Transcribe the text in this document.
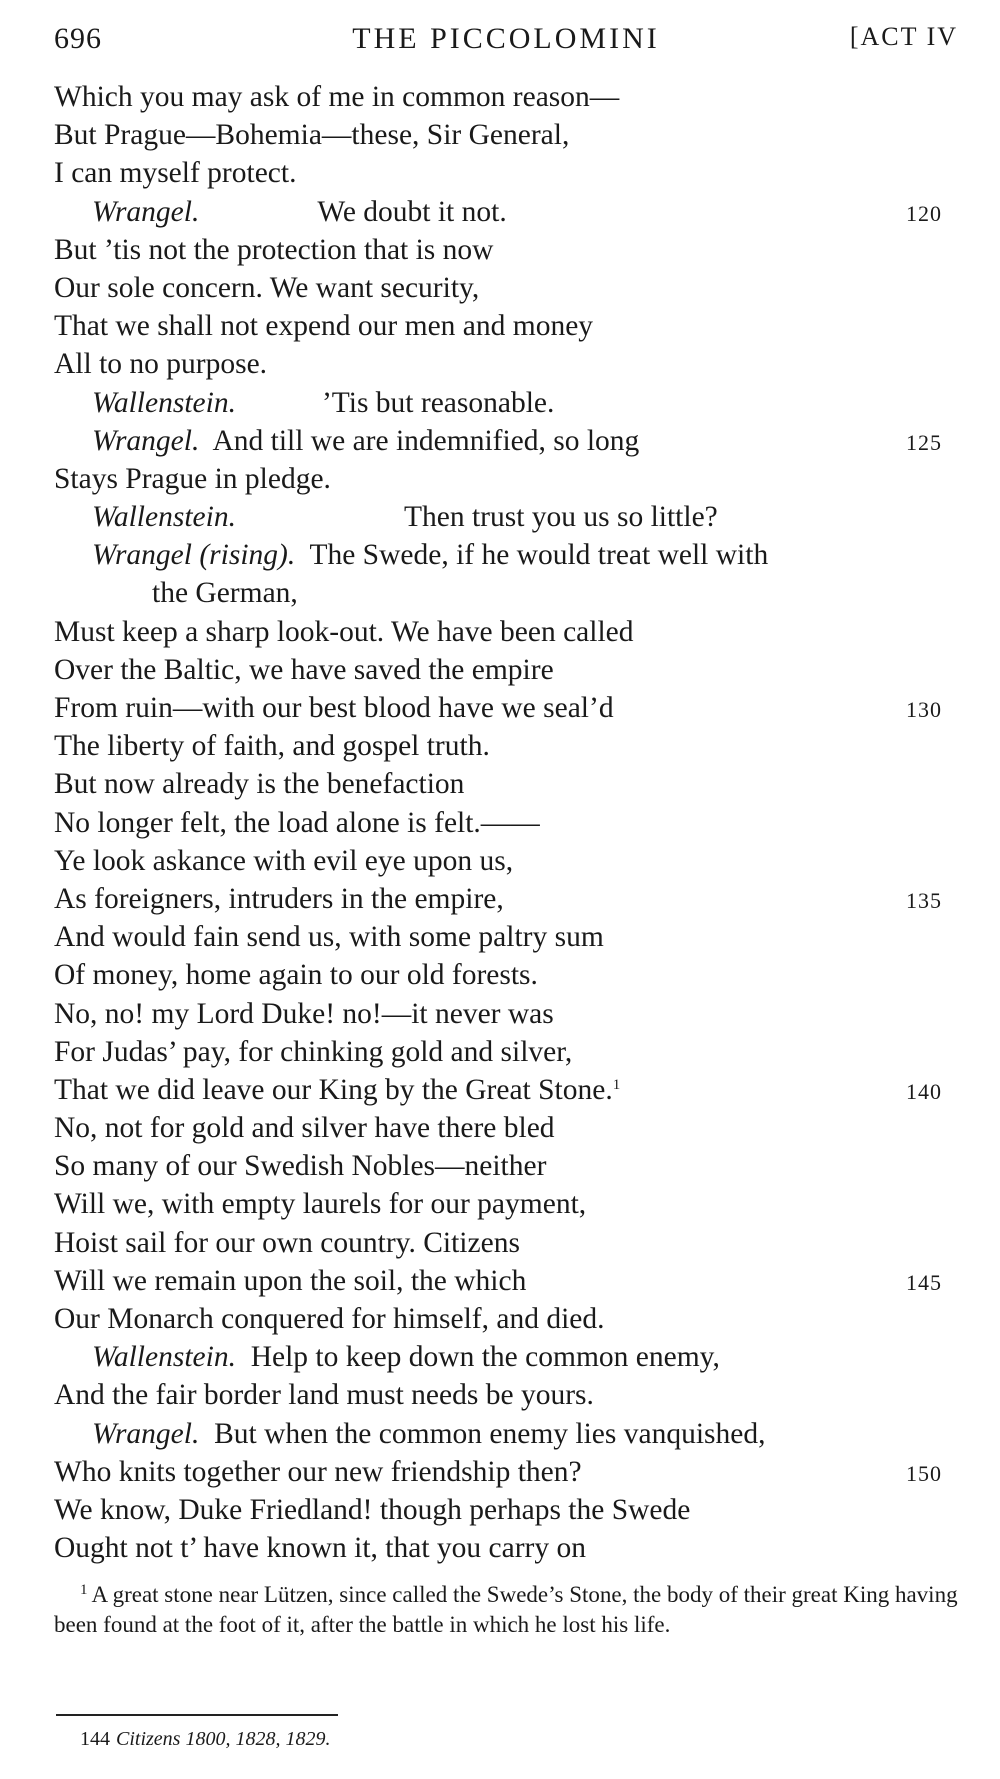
696	THE PICCOLOMINI	[ACT IV
Which you may ask of me in common reason—
But Prague—Bohemia—these, Sir General,
I can myself protect.
Wrangel.	We doubt it not.	120
But ’tis not the protection that is now
Our sole concern. We want security,
That we shall not expend our men and money
All to no purpose.
Wallenstein.	’Tis but reasonable.
Wrangel. And till we are indemnified, so long	125
Stays Prague in pledge.
Wallenstein.	Then trust you us so little?
Wrangel (rising). The Swede, if he would treat well with
the German,
Must keep a sharp look-out. We have been called
Over the Baltic, we have saved the empire
From ruin—with our best blood have we seal’d	130
The liberty of faith, and gospel truth.
But now already is the benefaction
No longer felt, the load alone is felt.——
Ye look askance with evil eye upon us,
As foreigners, intruders in the empire,	135
And would fain send us, with some paltry sum
Of money, home again to our old forests.
No, no! my Lord Duke! no!—it never was
For Judas’ pay, for chinking gold and silver,
That we did leave our King by the Great Stone.$^1$	140
No, not for gold and silver have there bled
So many of our Swedish Nobles—neither
Will we, with empty laurels for our payment,
Hoist sail for our own country. Citizens
Will we remain upon the soil, the which	145
Our Monarch conquered for himself, and died.
Wallenstein. Help to keep down the common enemy,
And the fair border land must needs be yours.
Wrangel. But when the common enemy lies vanquished,
Who knits together our new friendship then?	150
We know, Duke Friedland! though perhaps the Swede
Ought not t’ have known it, that you carry on
$^1$ A great stone near Lützen, since called the Swede’s Stone, the body of their great King having been found at the foot of it, after the battle in which he lost his life.
144 Citizens 1800, 1828, 1829.
